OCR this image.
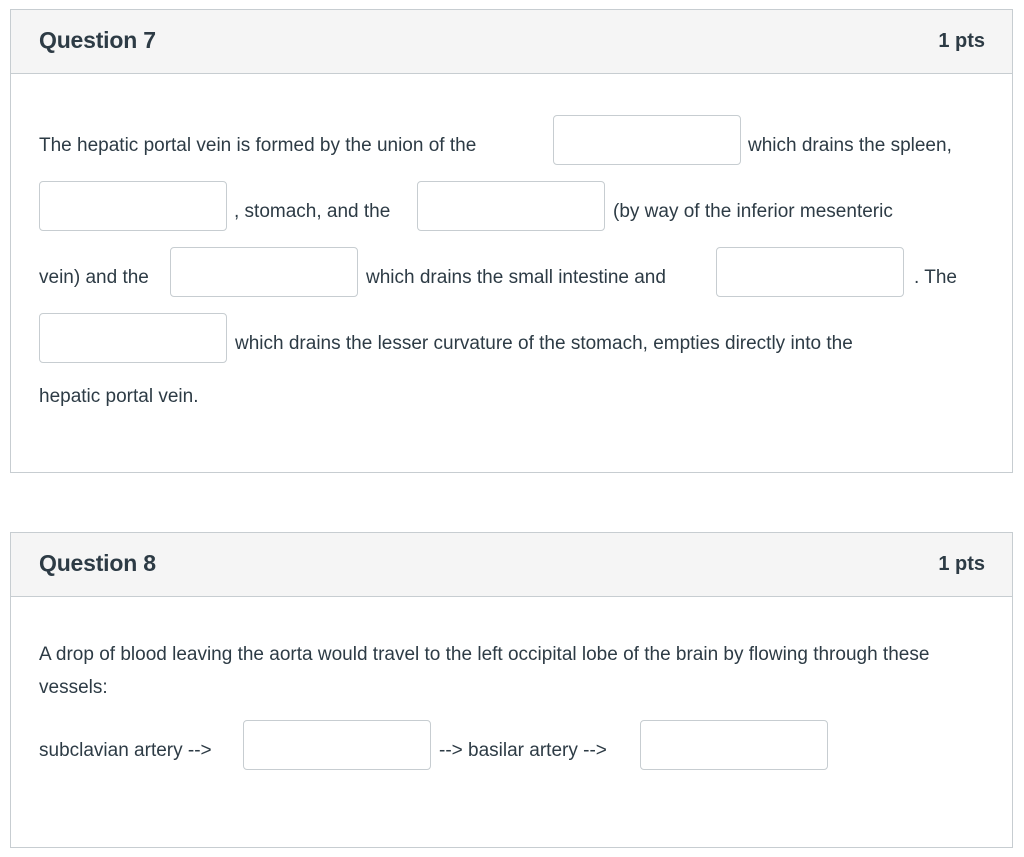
Question 7	1 pts
The hepatic portal vein is formed by the union of the	which drains the spleen,
, stomach, and the	(by way of the inferior mesenteric
vein) and the	which drains the small intestine and	. The
which drains the lesser curvature of the stomach, empties directly into the
hepatic portal vein.
Question 8	1 pts
A drop of blood leaving the aorta would travel to the left occipital lobe of the brain by flowing through these vessels:
subclavian artery -->	--> basilar artery -->
